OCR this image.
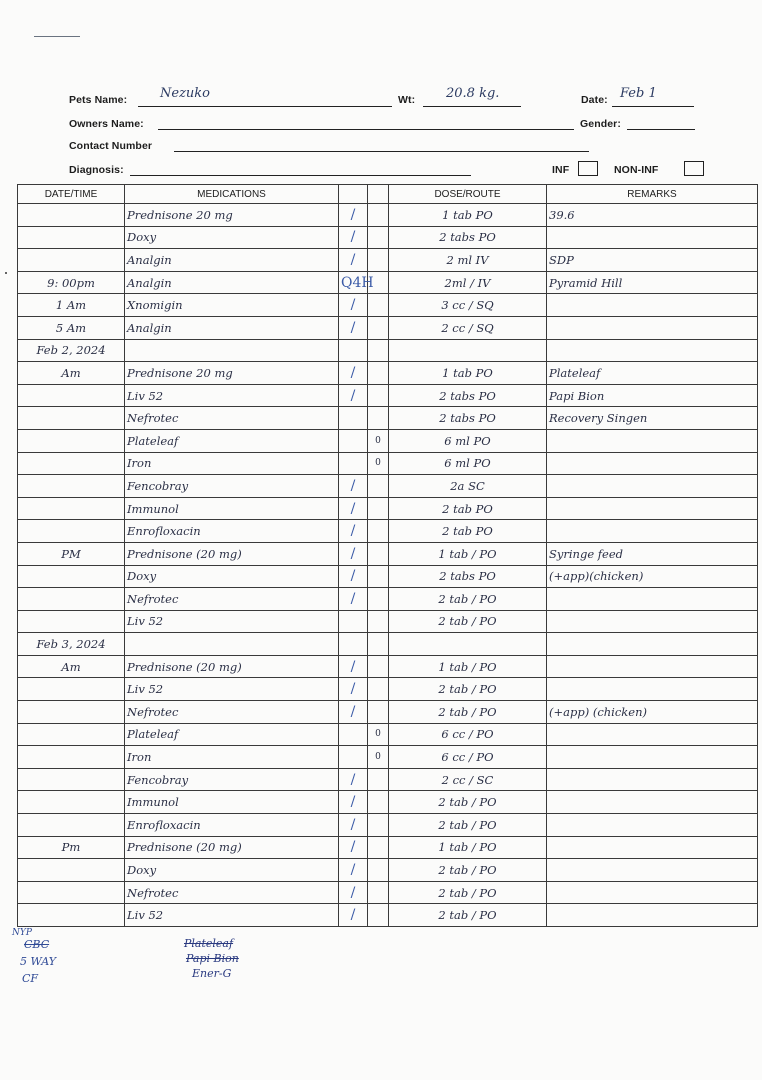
Pets Name:	Nezuko	Wt: 20.8 kg.	Date: Feb 1
Owners Name:	Gender:
Contact Number
Diagnosis:	INF	NON-INF
DATE/TIME	MEDICATIONS			DOSE/ROUTE	REMARKS
	Prednisone 20 mg	/		1 tab PO	39.6
	Doxy	/		2 tabs PO	
	Analgin	/		2 ml IV	SDP
9: 00pm	Analgin	Q4H		2ml / IV	Pyramid Hill
1 Am	Xnomigin	/		3 cc / SQ	
5 Am	Analgin	/		2 cc / SQ	
Feb 2, 2024					
Am	Prednisone 20 mg	/		1 tab PO	Plateleaf
	Liv 52	/		2 tabs PO	Papi Bion
	Nefrotec			2 tabs PO	Recovery Singen
	Plateleaf		0	6 ml PO	
	Iron		0	6 ml PO	
	Fencobray	/		2a SC	
	Immunol	/		2 tab PO	
	Enrofloxacin	/		2 tab PO	
PM	Prednisone (20 mg)	/		1 tab / PO	Syringe feed
	Doxy	/		2 tabs PO	(+app)(chicken)
	Nefrotec	/		2 tab / PO	
	Liv 52			2 tab / PO	
Feb 3, 2024					
Am	Prednisone (20 mg)	/		1 tab / PO	
	Liv 52	/		2 tab / PO	
	Nefrotec	/		2 tab / PO	(+app) (chicken)
	Plateleaf		0	6 cc / PO	
	Iron		0	6 cc / PO	
	Fencobray	/		2 cc / SC	
	Immunol	/		2 tab / PO	
	Enrofloxacin	/		2 tab / PO	
Pm	Prednisone (20 mg)	/		1 tab / PO	
	Doxy	/		2 tab / PO	
	Nefrotec	/		2 tab / PO	
	Liv 52	/		2 tab / PO	
NYP
CBC
5 WAY
CF
Plateleaf
Papi Bion
Ener-G
